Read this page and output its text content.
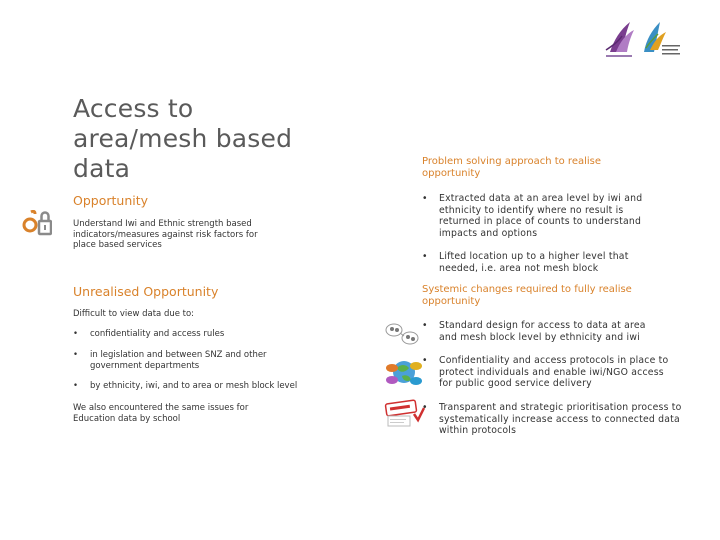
Access to area/mesh based data
Opportunity
Understand Iwi and Ethnic strength based indicators/measures against risk factors for place based services
Unrealised Opportunity
Difficult to view data due to:
• confidentiality and access rules
• in legislation and between SNZ and other government departments
• by ethnicity, iwi, and to area or mesh block level
We also encountered the same issues for Education data by school
Problem solving approach to realise opportunity
• Extracted data at an area level by iwi and ethnicity to identify where no result is returned in place of counts to understand impacts and options
• Lifted location up to a higher level that needed, i.e. area not mesh block
Systemic changes required to fully realise opportunity
• Standard design for access to data at area and mesh block level by ethnicity and iwi
• Confidentiality and access protocols in place to protect individuals and enable iwi/NGO access for public good service delivery
• Transparent and strategic prioritisation process to systematically increase access to connected data within protocols
